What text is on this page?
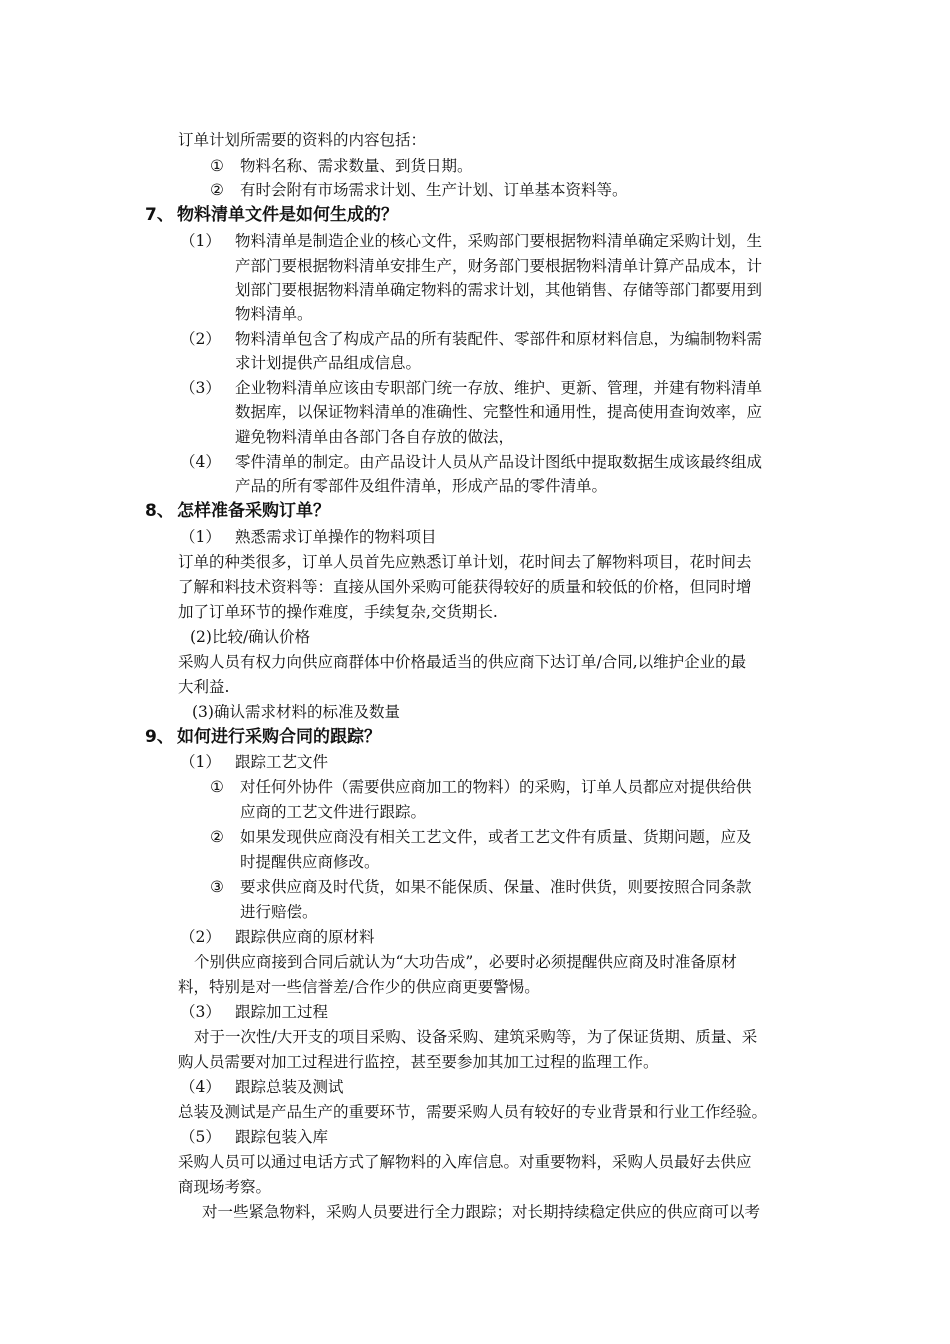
订单计划所需要的资料的内容包括：
① 物料名称、需求数量、到货日期。
② 有时会附有市场需求计划、生产计划、订单基本资料等。
7、 物料清单文件是如何生成的？
（1） 物料清单是制造企业的核心文件，采购部门要根据物料清单确定采购计划，生
产部门要根据物料清单安排生产，财务部门要根据物料清单计算产品成本，计
划部门要根据物料清单确定物料的需求计划，其他销售、存储等部门都要用到
物料清单。
（2） 物料清单包含了构成产品的所有装配件、零部件和原材料信息，为编制物料需
求计划提供产品组成信息。
（3） 企业物料清单应该由专职部门统一存放、维护、更新、管理，并建有物料清单
数据库，以保证物料清单的准确性、完整性和通用性，提高使用查询效率，应
避免物料清单由各部门各自存放的做法，
（4） 零件清单的制定。由产品设计人员从产品设计图纸中提取数据生成该最终组成
产品的所有零部件及组件清单，形成产品的零件清单。
8、 怎样准备采购订单？
（1） 熟悉需求订单操作的物料项目
订单的种类很多，订单人员首先应熟悉订单计划，花时间去了解物料项目，花时间去
了解和料技术资料等：直接从国外采购可能获得较好的质量和较低的价格，但同时增
加了订单环节的操作难度，手续复杂,交货期长.
(2)比较/确认价格
采购人员有权力向供应商群体中价格最适当的供应商下达订单/合同,以维护企业的最
大利益.
(3)确认需求材料的标准及数量
9、 如何进行采购合同的跟踪？
（1） 跟踪工艺文件
① 对任何外协件（需要供应商加工的物料）的采购，订单人员都应对提供给供
应商的工艺文件进行跟踪。
② 如果发现供应商没有相关工艺文件，或者工艺文件有质量、货期问题，应及
时提醒供应商修改。
③ 要求供应商及时代货，如果不能保质、保量、准时供货，则要按照合同条款
进行赔偿。
（2） 跟踪供应商的原材料
个别供应商接到合同后就认为“大功告成”，必要时必须提醒供应商及时准备原材
料，特别是对一些信誉差/合作少的供应商更要警惕。
（3） 跟踪加工过程
对于一次性/大开支的项目采购、设备采购、建筑采购等，为了保证货期、质量、采
购人员需要对加工过程进行监控，甚至要参加其加工过程的监理工作。
（4） 跟踪总装及测试
总装及测试是产品生产的重要环节，需要采购人员有较好的专业背景和行业工作经验。
（5） 跟踪包装入库
采购人员可以通过电话方式了解物料的入库信息。对重要物料，采购人员最好去供应
商现场考察。
对一些紧急物料，采购人员要进行全力跟踪；对长期持续稳定供应的供应商可以考
